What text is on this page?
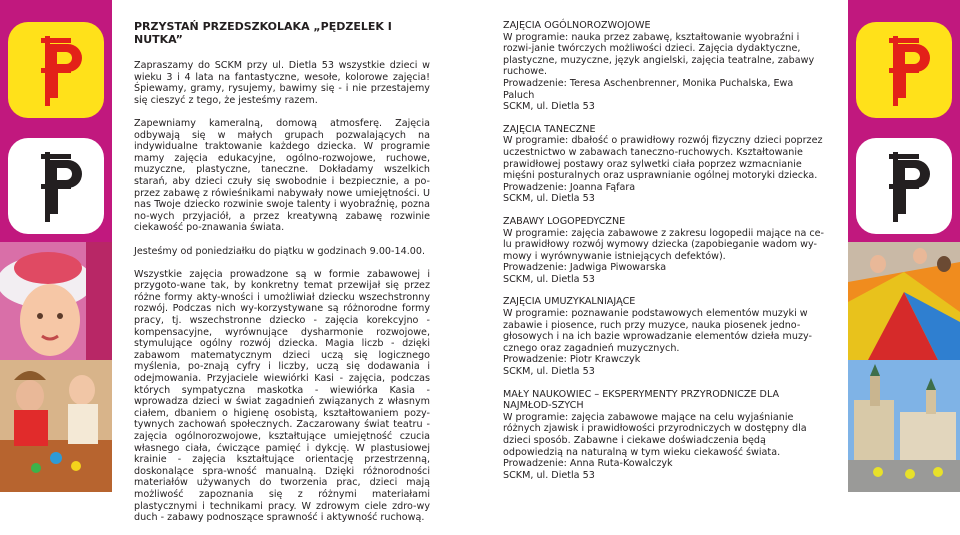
PRZYSTAŃ PRZEDSZKOLAKA „PĘDZELEK I NUTKA”

Zapraszamy do SCKM przy ul. Dietla 53 wszystkie dzieci w wieku 3 i 4 lata na fantastyczne, wesołe, kolorowe zajęcia! Śpiewamy, gramy, rysujemy, bawimy się - i nie przestajemy się cieszyć z tego, że jesteśmy razem.

Zapewniamy kameralną, domową atmosferę. Zajęcia odbywają się w małych grupach pozwalających na indywidualne traktowanie każdego dziecka. W programie mamy zajęcia edukacyjne, ogólno-rozwojowe, ruchowe, muzyczne, plastyczne, taneczne. Dokładamy wszelkich starań, aby dzieci czuły się swobodnie i bezpiecznie, a po-przez zabawę z rówieśnikami nabywały nowe umiejętności. U nas Twoje dziecko rozwinie swoje talenty i wyobraźnię, pozna no-wych przyjaciół, a przez kreatywną zabawę rozwinie ciekawość po-znawania świata.

Jesteśmy od poniedziałku do piątku w godzinach 9.00-14.00.

Wszystkie zajęcia prowadzone są w formie zabawowej i przygoto-wane tak, by konkretny temat przewijał się przez różne formy akty-wności i umożliwiał dziecku wszechstronny rozwój. Podczas nich wy-korzystywane są różnorodne formy pracy, tj. wszechstronne dziecko - zajęcia korekcyjno - kompensacyjne, wyrównujące dysharmonie rozwojowe, stymulujące ogólny rozwój dziecka. Magia liczb - dzięki zabawom matematycznym dzieci uczą się logicznego myślenia, po-znają cyfry i liczby, uczą się dodawania i odejmowania. Przyjaciele wiewiórki Kasi - zajęcia, podczas których sympatyczna maskotka - wiewiórka Kasia - wprowadza dzieci w świat zagadnień związanych z własnym ciałem, dbaniem o higienę osobistą, kształtowaniem pozy-tywnych zachowań społecznych. Zaczarowany świat teatru - zajęcia ogólnorozwojowe, kształtujące umiejętność czucia własnego ciała, ćwiczące pamięć i dykcję. W plastusiowej krainie - zajęcia kształtujące orientację przestrzenną, doskonalące spra-wność manualną. Dzięki różnorodności materiałów używanych do tworzenia prac, dzieci mają możliwość zapoznania się z różnymi materiałami plastycznymi i technikami pracy. W zdrowym ciele zdro-wy duch - zabawy podnoszące sprawność i aktywność ruchową.

ZAJĘCIA OGÓLNOROZWOJOWE
W programie: nauka przez zabawę, kształtowanie wyobraźni i rozwi-janie twórczych możliwości dzieci. Zajęcia dydaktyczne, plastyczne, muzyczne, język angielski, zajęcia teatralne, zabawy ruchowe.
Prowadzenie: Teresa Aschenbrenner, Monika Puchalska, Ewa Paluch
SCKM, ul. Dietla 53
ZAJĘCIA TANECZNE
W programie: dbałość o prawidłowy rozwój fizyczny dzieci poprzez uczestnictwo w zabawach taneczno-ruchowych. Kształtowanie prawidłowej postawy oraz sylwetki ciała poprzez wzmacnianie mięśni posturalnych oraz usprawnianie ogólnej motoryki dziecka.
Prowadzenie: Joanna Fąfara
SCKM, ul. Dietla 53
ZABAWY LOGOPEDYCZNE
W programie: zajęcia zabawowe z zakresu logopedii mające na ce-lu prawidłowy rozwój wymowy dziecka (zapobieganie wadom wy-mowy i wyrównywanie istniejących defektów).
Prowadzenie: Jadwiga Piwowarska
SCKM, ul. Dietla 53
ZAJĘCIA UMUZYKALNIAJĄCE
W programie: poznawanie podstawowych elementów muzyki w zabawie i piosence, ruch przy muzyce, nauka piosenek jedno-głosowych i na ich bazie wprowadzanie elementów dzieła muzy-cznego oraz zagadnień muzycznych.
Prowadzenie: Piotr Krawczyk
SCKM, ul. Dietla 53
MAŁY NAUKOWIEC – EKSPERYMENTY PRZYRODNICZE DLA NAJMŁOD-SZYCH
W programie: zajęcia zabawowe mające na celu wyjaśnianie różnych zjawisk i prawidłowości przyrodniczych w dostępny dla dzieci sposób. Zabawne i ciekawe doświadczenia będą odpowiedzią na naturalną w tym wieku ciekawość świata.
Prowadzenie: Anna Ruta-Kowalczyk
SCKM, ul. Dietla 53
